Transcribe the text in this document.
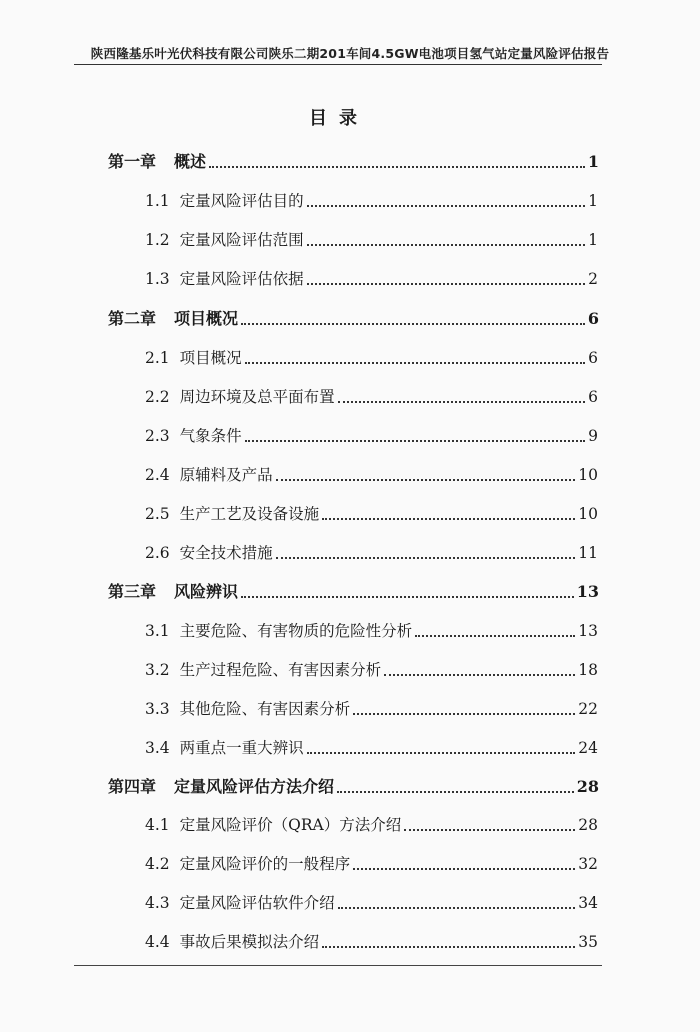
陕西隆基乐叶光伏科技有限公司陕乐二期201车间4.5GW电池项目氢气站定量风险评估报告
目录
第一章 概述	1
1.1 定量风险评估目的	1
1.2 定量风险评估范围	1
1.3 定量风险评估依据	2
第二章 项目概况	6
2.1 项目概况	6
2.2 周边环境及总平面布置	6
2.3 气象条件	9
2.4 原辅料及产品	10
2.5 生产工艺及设备设施	10
2.6 安全技术措施	11
第三章 风险辨识	13
3.1 主要危险、有害物质的危险性分析	13
3.2 生产过程危险、有害因素分析	18
3.3 其他危险、有害因素分析	22
3.4 两重点一重大辨识	24
第四章 定量风险评估方法介绍	28
4.1 定量风险评价（QRA）方法介绍	28
4.2 定量风险评价的一般程序	32
4.3 定量风险评估软件介绍	34
4.4 事故后果模拟法介绍	35
